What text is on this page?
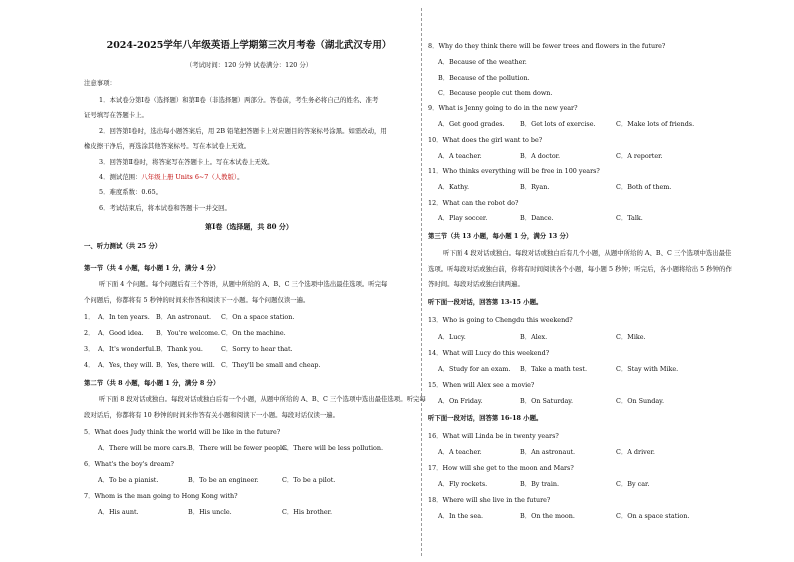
2024-2025学年八年级英语上学期第三次月考卷（湖北武汉专用）
（考试时间：120 分钟 试卷满分：120 分）
注意事项：
1．本试卷分第Ⅰ卷（选择题）和第Ⅱ卷（非选择题）两部分。答卷前，考生务必将自己的姓名、准考
证号填写在答题卡上。
2．回答第Ⅰ卷时，选出每小题答案后，用 2B 铅笔把答题卡上对应题目的答案标号涂黑。如需改动，用
橡皮擦干净后，再选涂其他答案标号。写在本试卷上无效。
3．回答第Ⅱ卷时，将答案写在答题卡上。写在本试卷上无效。
4．测试范围：八年级上册 Units 6~7（人教版）。
5．难度系数：0.65。
6．考试结束后，将本试卷和答题卡一并交回。
第Ⅰ卷（选择题，共 80 分）
一、听力测试（共 25 分）
第一节（共 4 小题，每小题 1 分，满分 4 分）
听下面 4 个问题。每个问题后有三个答语，从题中所给的 A、B、C 三个选项中选出最佳选项。听完每
个问题后，你都将有 5 秒钟的时间来作答和阅读下一小题。每个问题仅读一遍。
1． A．In ten years. B．An astronaut. C．On a space station.
2． A．Good idea. B．You're welcome. C．On the machine.
3． A．It's wonderful. B．Thank you.	C．Sorry to hear that.
4． A．Yes, they will. B．Yes, there will. C．They'll be small and cheap.
第二节（共 8 小题，每小题 1 分，满分 8 分）
听下面 8 段对话或独白。每段对话或独白后有一个小题，从题中所给的 A、B、C 三个选项中选出最佳选项。听完每
段对话后，你都将有 10 秒钟的时间来作答有关小题和阅读下一小题。每段对话仅读一遍。
5．What does Judy think the world will be like in the future?
A．There will be more cars. B．There will be fewer people.
C．There will be less pollution.
6．What's the boy's dream?
A．To be a pianist.	B．To be an engineer.	C．To be a pilot.
7．Whom is the man going to Hong Kong with?
A．His aunt.	B．His uncle.	C．His brother.
8．Why do they think there will be fewer trees and flowers in the future?
A．Because of the weather.
B．Because of the pollution.
C．Because people cut them down.
9．What is Jenny going to do in the new year?
A．Get good grades. B．Get lots of exercise.	C．Make lots of friends.
10．What does the girl want to be?
A．A teacher.	B．A doctor.	C．A reporter.
11．Who thinks everything will be free in 100 years?
A．Kathy.	B．Ryan.	C．Both of them.
12．What can the robot do?
A．Play soccer.	B．Dance.	C．Talk.
第三节（共 13 小题，每小题 1 分，满分 13 分）
听下面 4 段对话或独白。每段对话或独白后有几个小题，从题中所给的 A、B、C 三个选项中选出最佳
选项。听每段对话或独白前，你将有时间阅读各个小题，每小题 5 秒钟；听完后，各小题将给出 5 秒钟的作
答时间。每段对话或独白读两遍。
听下面一段对话，回答第 13-15 小题。
13．Who is going to Chengdu this weekend?
A．Lucy.	B．Alex.	C．Mike.
14．What will Lucy do this weekend?
A．Study for an exam. B．Take a math test.	C．Stay with Mike.
15．When will Alex see a movie?
A．On Friday.	B．On Saturday.	C．On Sunday.
听下面一段对话，回答第 16-18 小题。
16．What will Linda be in twenty years?
A．A teacher.	B．An astronaut.	C．A driver.
17．How will she get to the moon and Mars?
A．Fly rockets.	B．By train.	C．By car.
18．Where will she live in the future?
A．In the sea.	B．On the moon.	C．On a space station.
